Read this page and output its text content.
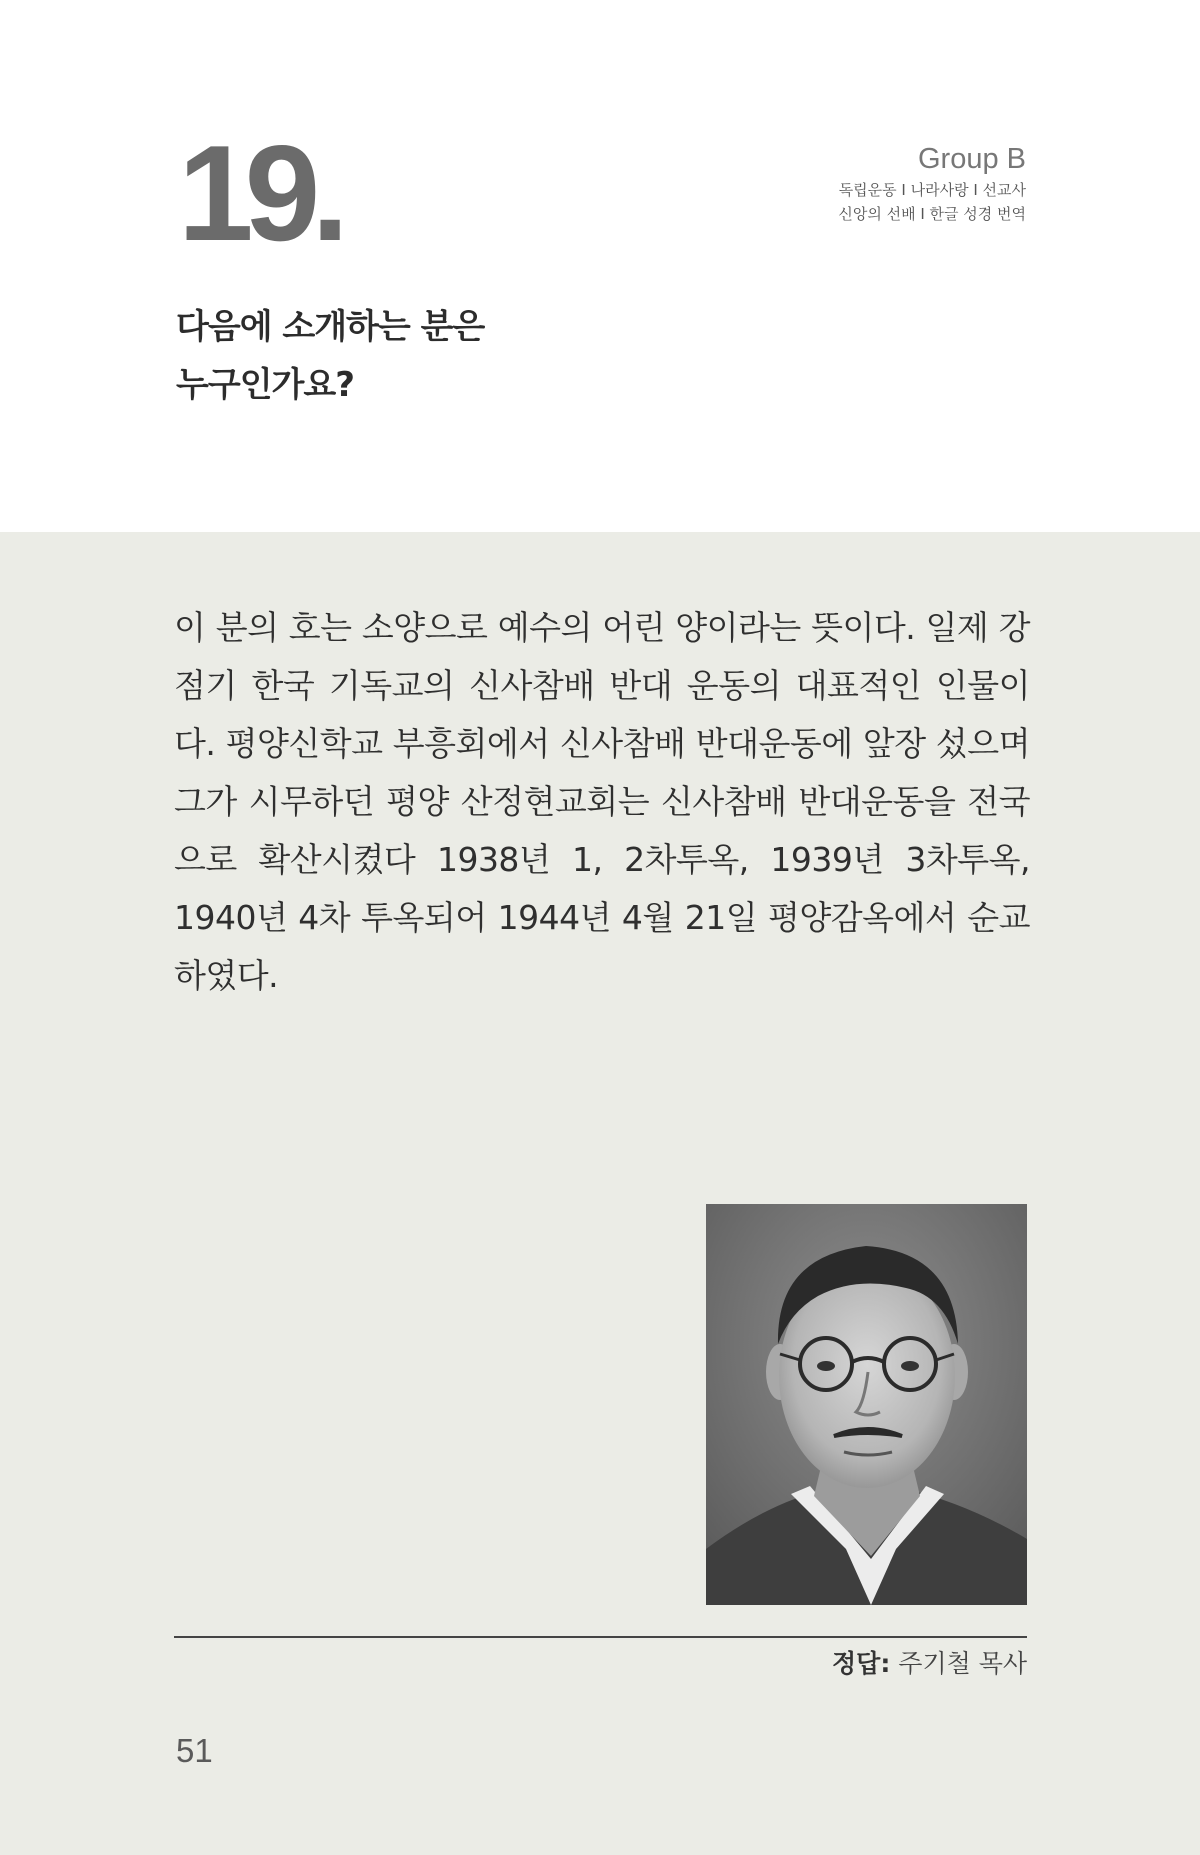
19.	Group B
독립운동 I 나라사랑 I 선교사
신앙의 선배 I 한글 성경 번역
다음에 소개하는 분은
누구인가요?

이 분의 호는 소양으로 예수의 어린 양이라는 뜻이다. 일제 강점기 한국 기독교의 신사참배 반대 운동의 대표적인 인물이다. 평양신학교 부흥회에서 신사참배 반대운동에 앞장 섰으며 그가 시무하던 평양 산정현교회는 신사참배 반대운동을 전국으로 확산시켰다 1938년 1, 2차투옥, 1939년 3차투옥, 1940년 4차 투옥되어 1944년 4월 21일 평양감옥에서 순교하였다.

정답: 주기철 목사
51
